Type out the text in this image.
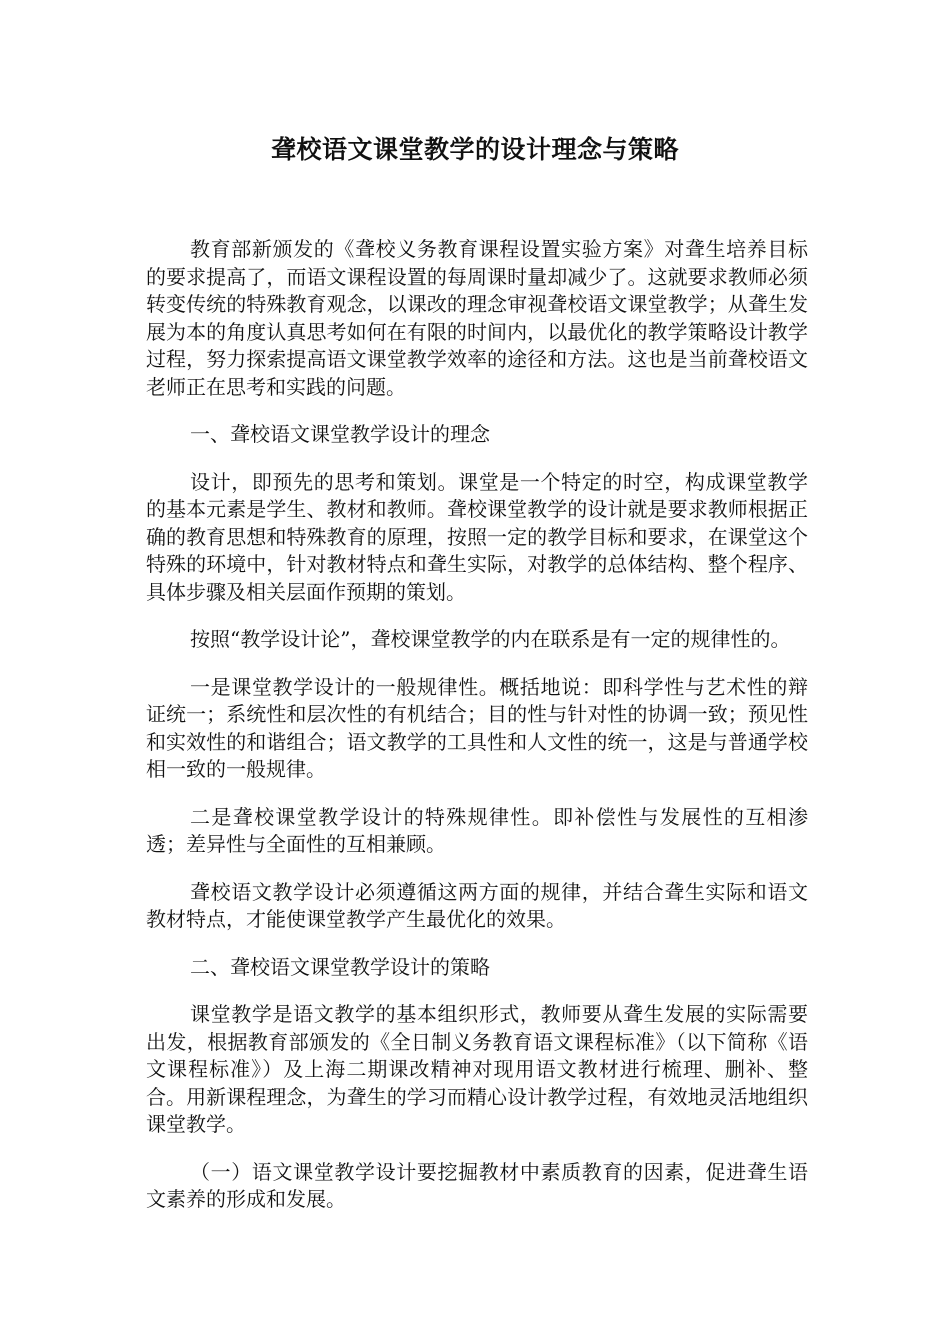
聋校语文课堂教学的设计理念与策略

教育部新颁发的《聋校义务教育课程设置实验方案》对聋生培养目标的要求提高了，而语文课程设置的每周课时量却减少了。这就要求教师必须转变传统的特殊教育观念，以课改的理念审视聋校语文课堂教学；从聋生发展为本的角度认真思考如何在有限的时间内，以最优化的教学策略设计教学过程，努力探索提高语文课堂教学效率的途径和方法。这也是当前聋校语文老师正在思考和实践的问题。

一、聋校语文课堂教学设计的理念

设计，即预先的思考和策划。课堂是一个特定的时空，构成课堂教学的基本元素是学生、教材和教师。聋校课堂教学的设计就是要求教师根据正确的教育思想和特殊教育的原理，按照一定的教学目标和要求，在课堂这个特殊的环境中，针对教材特点和聋生实际，对教学的总体结构、整个程序、具体步骤及相关层面作预期的策划。

按照“教学设计论”，聋校课堂教学的内在联系是有一定的规律性的。

一是课堂教学设计的一般规律性。概括地说：即科学性与艺术性的辩证统一；系统性和层次性的有机结合；目的性与针对性的协调一致；预见性和实效性的和谐组合；语文教学的工具性和人文性的统一，这是与普通学校相一致的一般规律。

二是聋校课堂教学设计的特殊规律性。即补偿性与发展性的互相渗透；差异性与全面性的互相兼顾。

聋校语文教学设计必须遵循这两方面的规律，并结合聋生实际和语文教材特点，才能使课堂教学产生最优化的效果。

二、聋校语文课堂教学设计的策略

课堂教学是语文教学的基本组织形式，教师要从聋生发展的实际需要出发，根据教育部颁发的《全日制义务教育语文课程标准》（以下简称《语文课程标准》）及上海二期课改精神对现用语文教材进行梳理、删补、整合。用新课程理念，为聋生的学习而精心设计教学过程，有效地灵活地组织课堂教学。

（一）语文课堂教学设计要挖掘教材中素质教育的因素，促进聋生语文素养的形成和发展。
